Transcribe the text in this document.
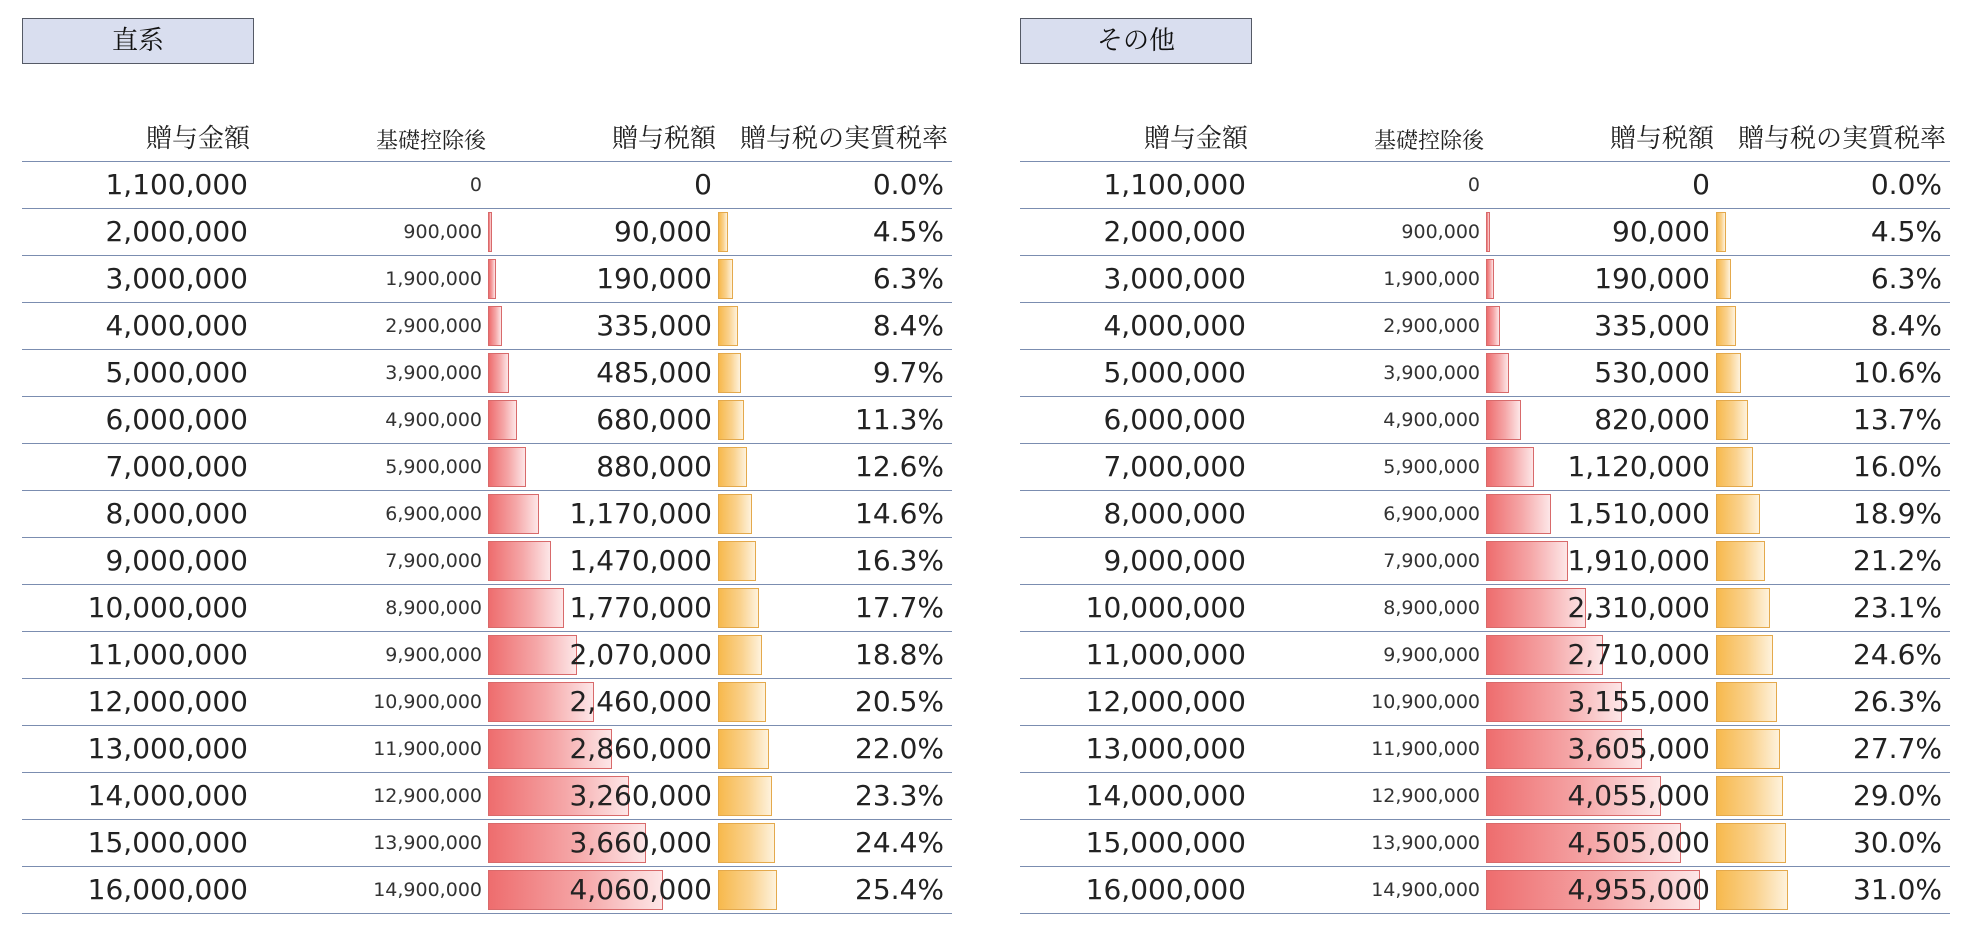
直系
贈与金額	基礎控除後	贈与税額 贈与税の実質税率
1,100,000	0	0	0.0%
2,000,000	900,000	90,000	4.5%
3,000,000	1,900,000	190,000	6.3%
4,000,000	2,900,000	335,000	8.4%
5,000,000	3,900,000	485,000	9.7%
6,000,000	4,900,000	680,000	11.3%
7,000,000	5,900,000	880,000	12.6%
8,000,000	6,900,000	1,170,000	14.6%
9,000,000	7,900,000	1,470,000	16.3%
10,000,000	8,900,000	1,770,000	17.7%
11,000,000	9,900,000	2,070,000	18.8%
12,000,000	10,900,000	2,460,000	20.5%
13,000,000	11,900,000	2,860,000	22.0%
14,000,000	12,900,000	3,260,000	23.3%
15,000,000	13,900,000	3,660,000	24.4%
16,000,000	14,900,000	4,060,000	25.4%
その他
贈与金額	基礎控除後	贈与税額 贈与税の実質税率
1,100,000	0	0	0.0%
2,000,000	900,000	90,000	4.5%
3,000,000	1,900,000	190,000	6.3%
4,000,000	2,900,000	335,000	8.4%
5,000,000	3,900,000	530,000	10.6%
6,000,000	4,900,000	820,000	13.7%
7,000,000	5,900,000	1,120,000	16.0%
8,000,000	6,900,000	1,510,000	18.9%
9,000,000	7,900,000	1,910,000	21.2%
10,000,000	8,900,000	2,310,000	23.1%
11,000,000	9,900,000	2,710,000	24.6%
12,000,000	10,900,000	3,155,000	26.3%
13,000,000	11,900,000	3,605,000	27.7%
14,000,000	12,900,000	4,055,000	29.0%
15,000,000	13,900,000	4,505,000	30.0%
16,000,000	14,900,000	4,955,000	31.0%
